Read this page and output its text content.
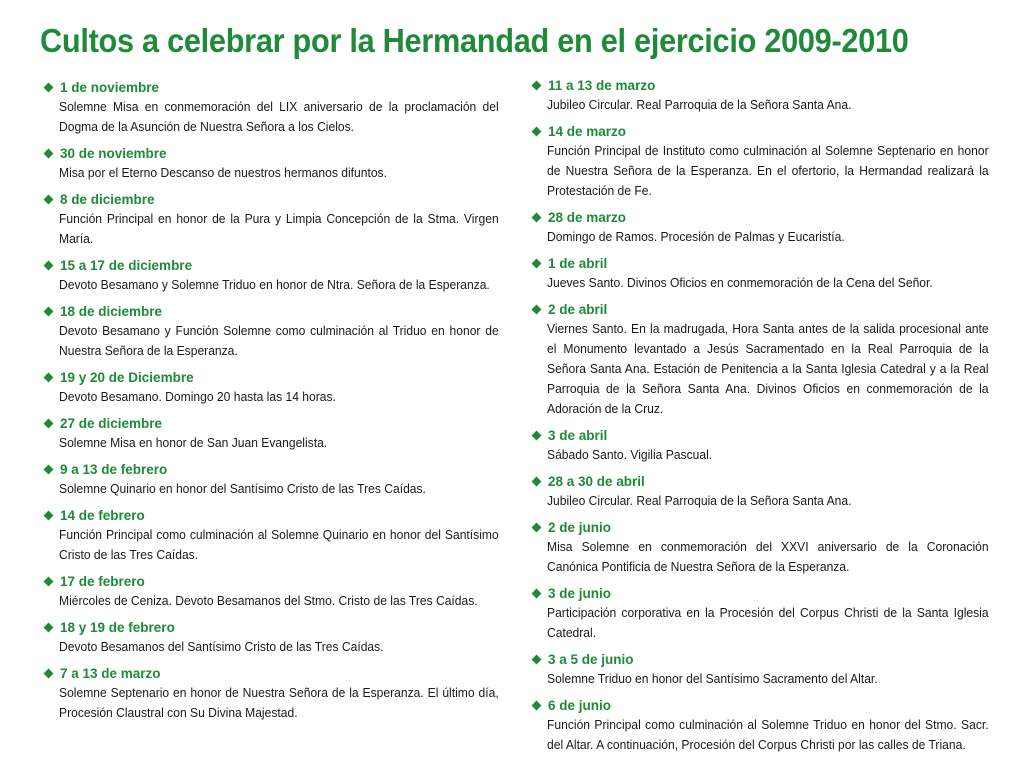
Cultos a celebrar por la Hermandad en el ejercicio 2009-2010
1 de noviembre

Solemne Misa en conmemoración del LIX aniversario de la proclamación del Dogma de la Asunción de Nuestra Señora a los Cielos.

30 de noviembre

Misa por el Eterno Descanso de nuestros hermanos difuntos.

8 de diciembre

Función Principal en honor de la Pura y Limpia Concepción de la Stma. Virgen María.

15 a 17 de diciembre

Devoto Besamano y Solemne Triduo en honor de Ntra. Señora de la Esperanza.

18 de diciembre

Devoto Besamano y Función Solemne como culminación al Triduo en honor de Nuestra Señora de la Esperanza.

19 y 20 de Diciembre

Devoto Besamano. Domingo 20 hasta las 14 horas.

27 de diciembre

Solemne Misa en honor de San Juan Evangelista.

9 a 13 de febrero

Solemne Quinario en honor del Santísimo Cristo de las Tres Caídas.

14 de febrero

Función Principal como culminación al Solemne Quinario en honor del Santísimo Cristo de las Tres Caídas.

17 de febrero

Miércoles de Ceniza. Devoto Besamanos del Stmo. Cristo de las Tres Caídas.

18 y 19 de febrero

Devoto Besamanos del Santísimo Cristo de las Tres Caídas.

7 a 13 de marzo

Solemne Septenario en honor de Nuestra Señora de la Esperanza. El último día, Procesión Claustral con Su Divina Majestad.

11 a 13 de marzo

Jubileo Circular. Real Parroquia de la Señora Santa Ana.

14 de marzo

Función Principal de Instituto como culminación al Solemne Septenario en honor de Nuestra Señora de la Esperanza. En el ofertorio, la Hermandad realizará la Protestación de Fe.

28 de marzo

Domingo de Ramos. Procesión de Palmas y Eucaristía.

1 de abril

Jueves Santo. Divinos Oficios en conmemoración de la Cena del Señor.

2 de abril

Viernes Santo. En la madrugada, Hora Santa antes de la salida procesional ante el Monumento levantado a Jesús Sacramentado en la Real Parroquia de la Señora Santa Ana. Estación de Penitencia a la Santa Iglesia Catedral y a la Real Parroquia de la Señora Santa Ana. Divinos Oficios en conmemoración de la Adoración de la Cruz.

3 de abril

Sábado Santo. Vigilia Pascual.

28 a 30 de abril

Jubileo Circular. Real Parroquia de la Señora Santa Ana.

2 de junio

Misa Solemne en conmemoración del XXVI aniversario de la Coronación Canónica Pontificia de Nuestra Señora de la Esperanza.

3 de junio

Participación corporativa en la Procesión del Corpus Christi de la Santa Iglesia Catedral.

3 a 5 de junio

Solemne Triduo en honor del Santísimo Sacramento del Altar.

6 de junio

Función Principal como culminación al Solemne Triduo en honor del Stmo. Sacr. del Altar. A continuación, Procesión del Corpus Christi por las calles de Triana.
